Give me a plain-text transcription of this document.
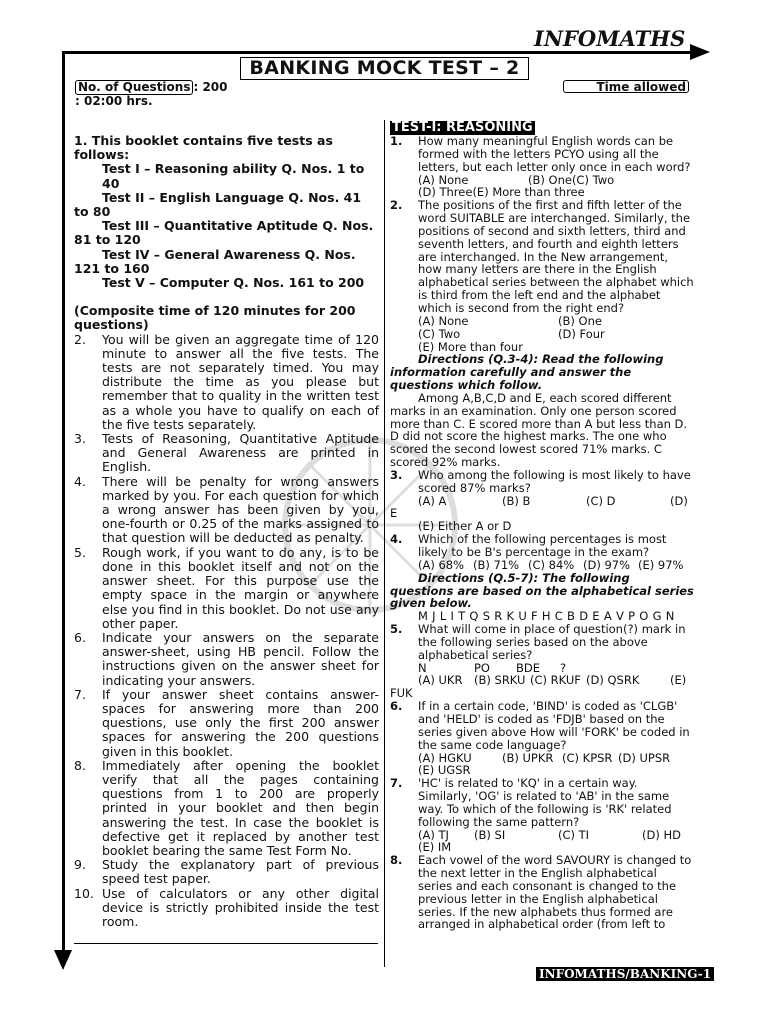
INFOMATHS
BANKING MOCK TEST – 2
No. of Questions : 200
: 02:00 hrs.
Time allowed
1. This booklet contains five tests as follows:
Test I – Reasoning ability Q. Nos. 1 to 40
Test II – English Language Q. Nos. 41 to 80
Test III – Quantitative Aptitude Q. Nos. 81 to 120
Test IV – General Awareness Q. Nos. 121 to 160
Test V – Computer Q. Nos. 161 to 200
(Composite time of 120 minutes for 200 questions)
2.	You will be given an aggregate time of 120 minute to answer all the five tests. The tests are not separately timed. You may distribute the time as you please but remember that to quality in the written test as a whole you have to qualify on each of the five tests separately.
3.	Tests of Reasoning, Quantitative Aptitude and General Awareness are printed in English.
4.	There will be penalty for wrong answers marked by you. For each question for which a wrong answer has been given by you, one-fourth or 0.25 of the marks assigned to that question will be deducted as penalty.
5.	Rough work, if you want to do any, is to be done in this booklet itself and not on the answer sheet. For this purpose use the empty space in the margin or anywhere else you find in this booklet. Do not use any other paper.
6.	Indicate your answers on the separate answer-sheet, using HB pencil. Follow the instructions given on the answer sheet for indicating your answers.
7.	If your answer sheet contains answer-spaces for answering more than 200 questions, use only the first 200 answer spaces for answering the 200 questions given in this booklet.
8.	Immediately after opening the booklet verify that all the pages containing questions from 1 to 200 are properly printed in your booklet and then begin answering the test. In case the booklet is defective get it replaced by another test booklet bearing the same Test Form No.
9.	Study the explanatory part of previous speed test paper.
10. Use of calculators or any other digital device is strictly prohibited inside the test room.
TEST-I: REASONING
1.	How many meaningful English words can be formed with the letters PCYO using all the letters, but each letter only once in each word?
(A) None	(B) One (C) Two
(D) Three (E) More than three
2.	The positions of the first and fifth letter of the word SUITABLE are interchanged. Similarly, the positions of second and sixth letters, third and seventh letters, and fourth and eighth letters are interchanged. In the New arrangement, how many letters are there in the English alphabetical series between the alphabet which is third from the left end and the alphabet which is second from the right end?
(A) None	(B) One
(C) Two	(D) Four
(E) More than four
Directions (Q.3-4): Read the following information carefully and answer the questions which follow.
Among A,B,C,D and E, each scored different marks in an examination. Only one person scored more than C. E scored more than A but less than D. D did not score the highest marks. The one who scored the second lowest scored 71% marks. C scored 92% marks.
3.	Who among the following is most likely to have scored 87% marks?
(A) A	(B) B	(C) D	(D)
E
(E) Either A or D
4.	Which of the following percentages is most likely to be B's percentage in the exam?
(A) 68% (B) 71% (C) 84% (D) 97% (E) 97%
Directions (Q.5-7): The following questions are based on the alphabetical series given below.
M J L I T Q S R K U F H C B D E A V P O G N
5.	What will come in place of question(?) mark in the following series based on the above alphabetical series?
N	PO	BDE	?
(A) UKR	(B) SRKU (C) RKUF (D) QSRK	(E)
FUK
6.	If in a certain code, 'BIND' is coded as 'CLGB' and 'HELD' is coded as 'FDJB' based on the series given above How will 'FORK' be coded in the same code language?
(A) HGKU	(B) UPKR (C) KPSR (D) UPSR
(E) UGSR
7.	'HC' is related to 'KQ' in a certain way. Similarly, 'OG' is related to 'AB' in the same way. To which of the following is 'RK' related following the same pattern?
(A) TJ	(B) SI	(C) TI	(D) HD
(E) IM
8.	Each vowel of the word SAVOURY is changed to the next letter in the English alphabetical series and each consonant is changed to the previous letter in the English alphabetical series. If the new alphabets thus formed are arranged in alphabetical order (from left to
INFOMATHS/BANKING-1
